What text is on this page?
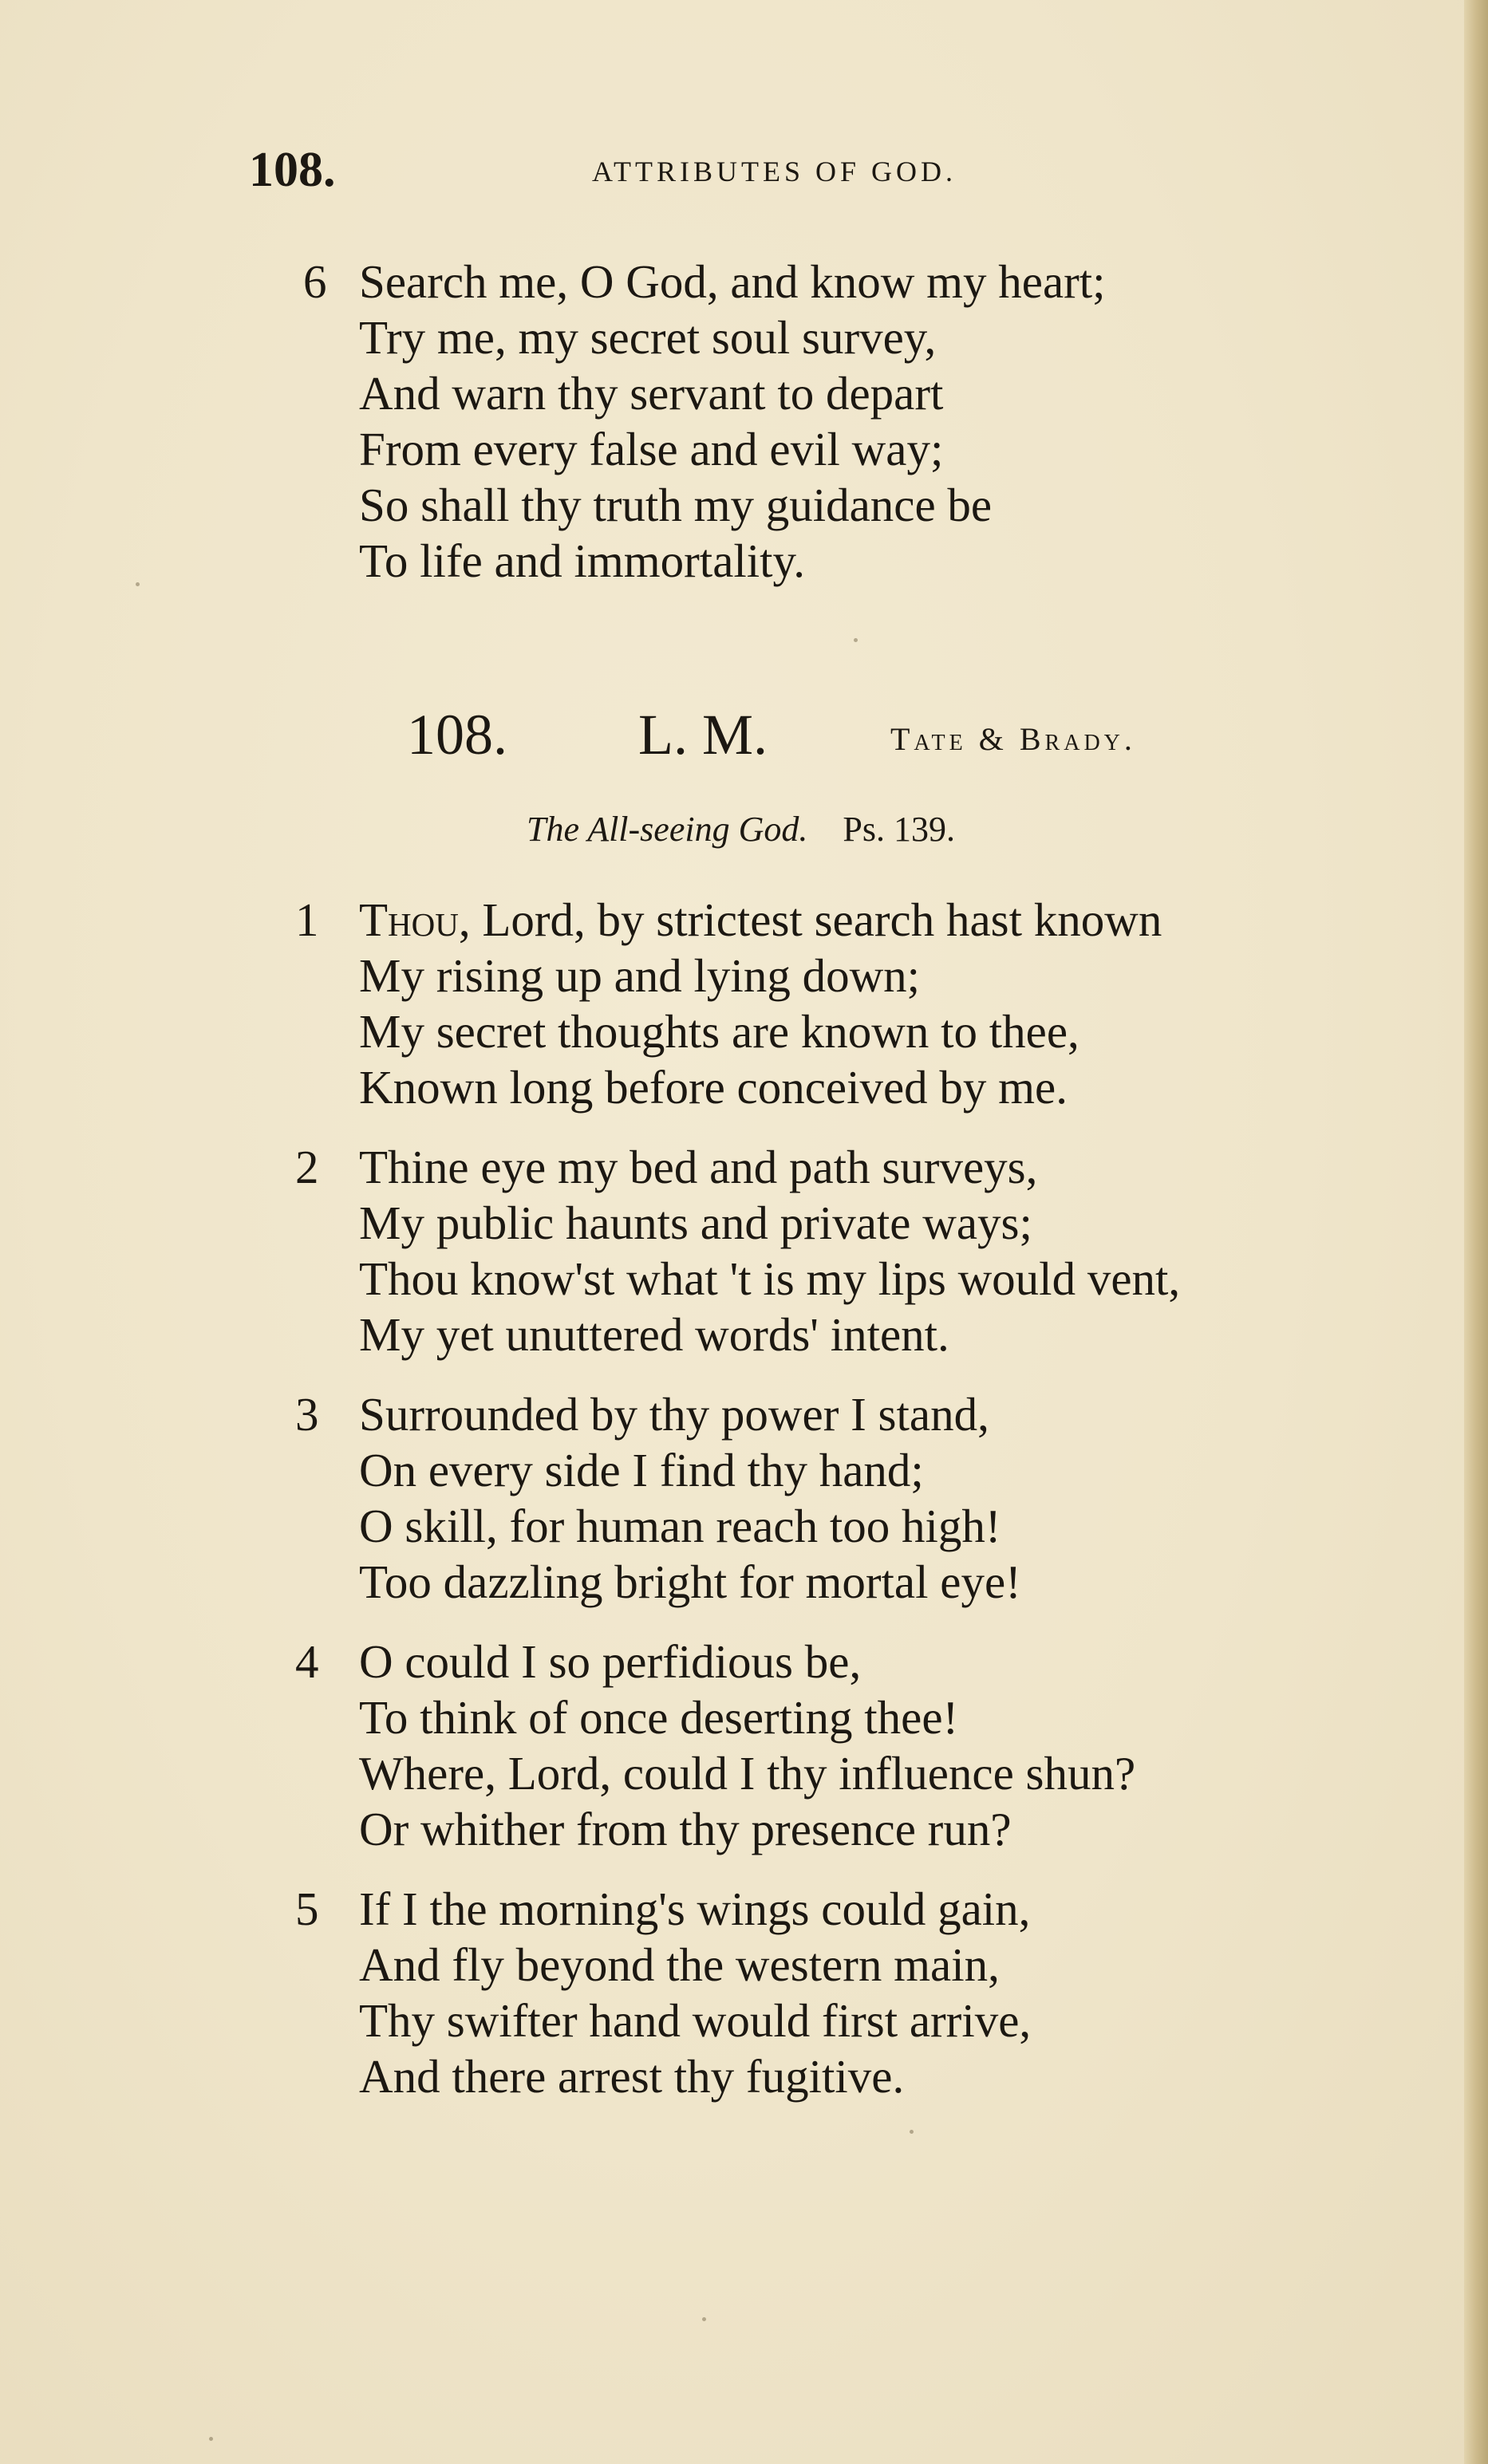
108.	ATTRIBUTES OF GOD.
6 Search me, O God, and know my heart;
Try me, my secret soul survey,
And warn thy servant to depart
From every false and evil way;
So shall thy truth my guidance be
To life and immortality.
108. L. M.	Tate & Brady.
The All-seeing God. Ps. 139.
1 Thou, Lord, by strictest search hast known
My rising up and lying down;
My secret thoughts are known to thee,
Known long before conceived by me.
2 Thine eye my bed and path surveys,
My public haunts and private ways;
Thou know'st what 't is my lips would vent,
My yet unuttered words' intent.
3 Surrounded by thy power I stand,
On every side I find thy hand;
O skill, for human reach too high!
Too dazzling bright for mortal eye!
4 O could I so perfidious be,
To think of once deserting thee!
Where, Lord, could I thy influence shun?
Or whither from thy presence run?
5 If I the morning's wings could gain,
And fly beyond the western main,
Thy swifter hand would first arrive,
And there arrest thy fugitive.
